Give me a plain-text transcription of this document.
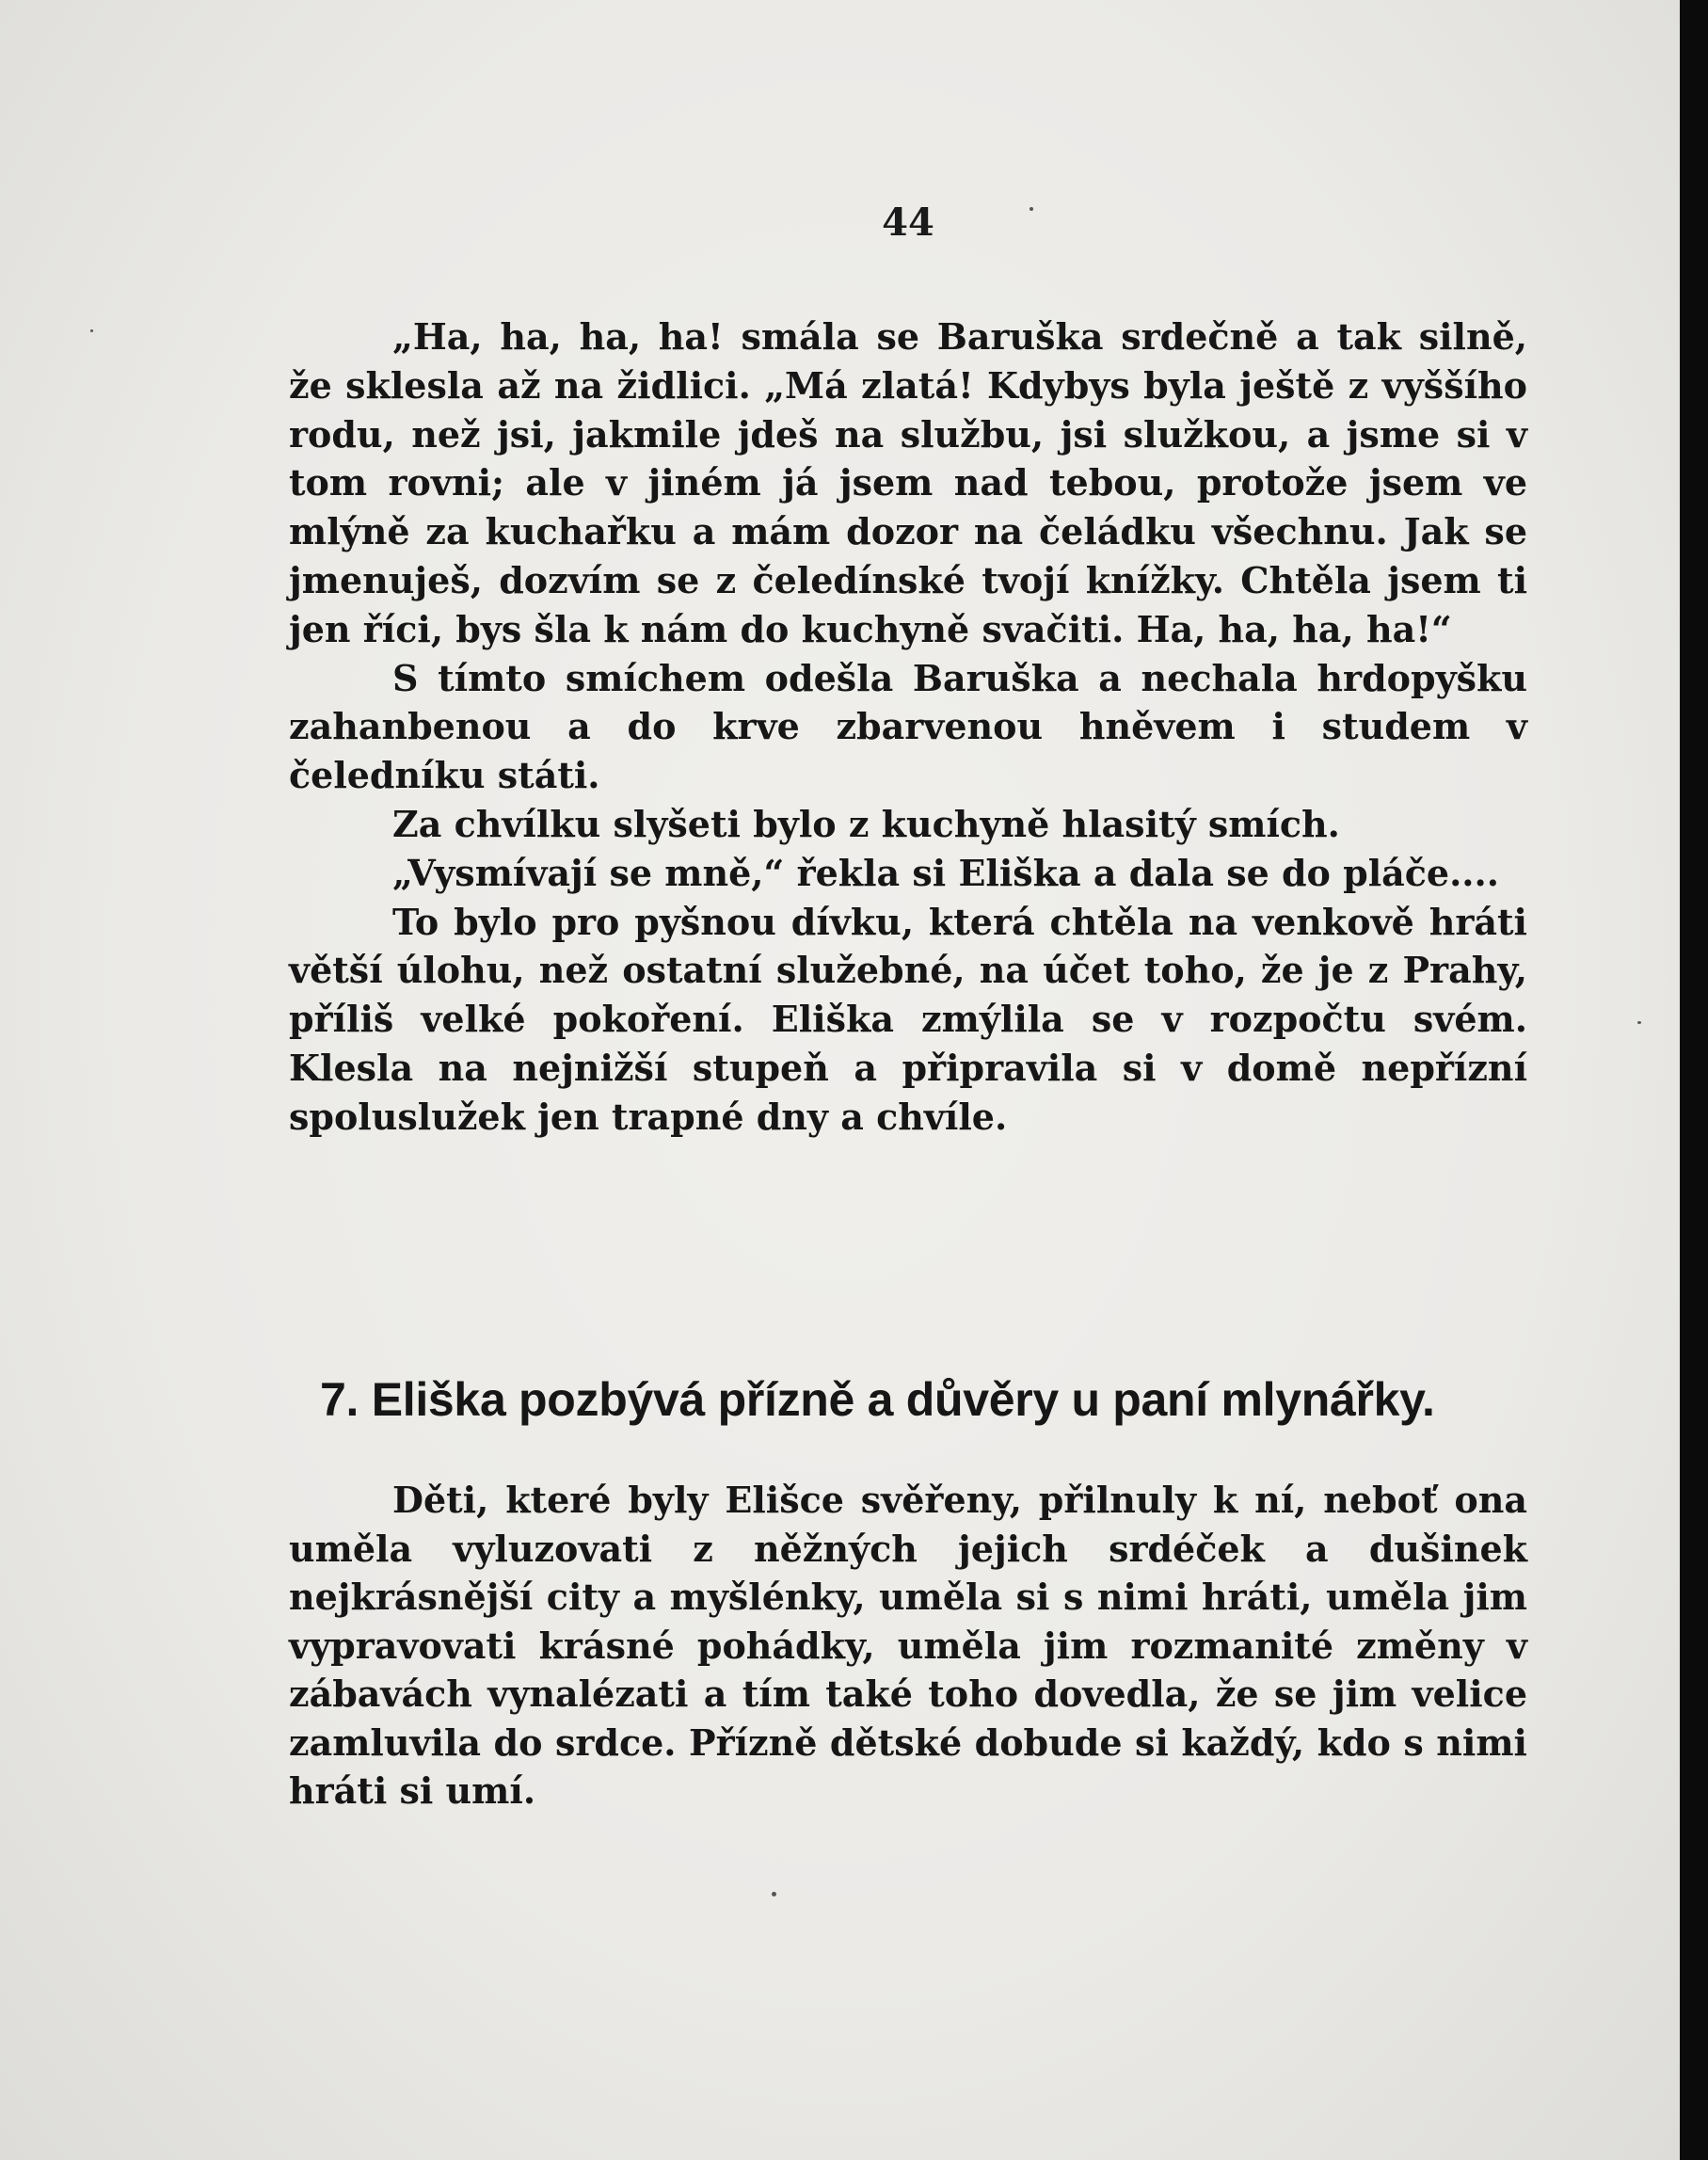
44

„Ha, ha, ha, ha! smála se Baruška srdečně a tak silně, že sklesla až na židlici. „Má zlatá! Kdybys byla ještě z vyššího rodu, než jsi, jakmile jdeš na službu, jsi služkou, a jsme si v tom rovni; ale v jiném já jsem nad tebou, protože jsem ve mlýně za kuchařku a mám dozor na čeládku všechnu. Jak se jmenuješ, dozvím se z čeledínské tvojí knížky. Chtěla jsem ti jen říci, bys šla k nám do kuchyně svačiti. Ha, ha, ha, ha!“

S tímto smíchem odešla Baruška a nechala hrdopyšku zahanbenou a do krve zbarvenou hněvem i studem v čeledníku státi.

Za chvílku slyšeti bylo z kuchyně hlasitý smích.

„Vysmívají se mně,“ řekla si Eliška a dala se do pláče....

To bylo pro pyšnou dívku, která chtěla na venkově hráti větší úlohu, než ostatní služebné, na účet toho, že je z Prahy, příliš velké pokoření. Eliška zmýlila se v rozpočtu svém. Klesla na nejnižší stupeň a připravila si v domě nepřízní spoluslužek jen trapné dny a chvíle.

7. Eliška pozbývá přízně a důvěry u paní mlynářky.

Děti, které byly Elišce svěřeny, přilnuly k ní, neboť ona uměla vyluzovati z něžných jejich srdéček a dušinek nejkrásnější city a myšlénky, uměla si s nimi hráti, uměla jim vypravovati krásné pohádky, uměla jim rozmanité změny v zábavách vynalézati a tím také toho dovedla, že se jim velice zamluvila do srdce. Přízně dětské dobude si každý, kdo s nimi hráti si umí.
